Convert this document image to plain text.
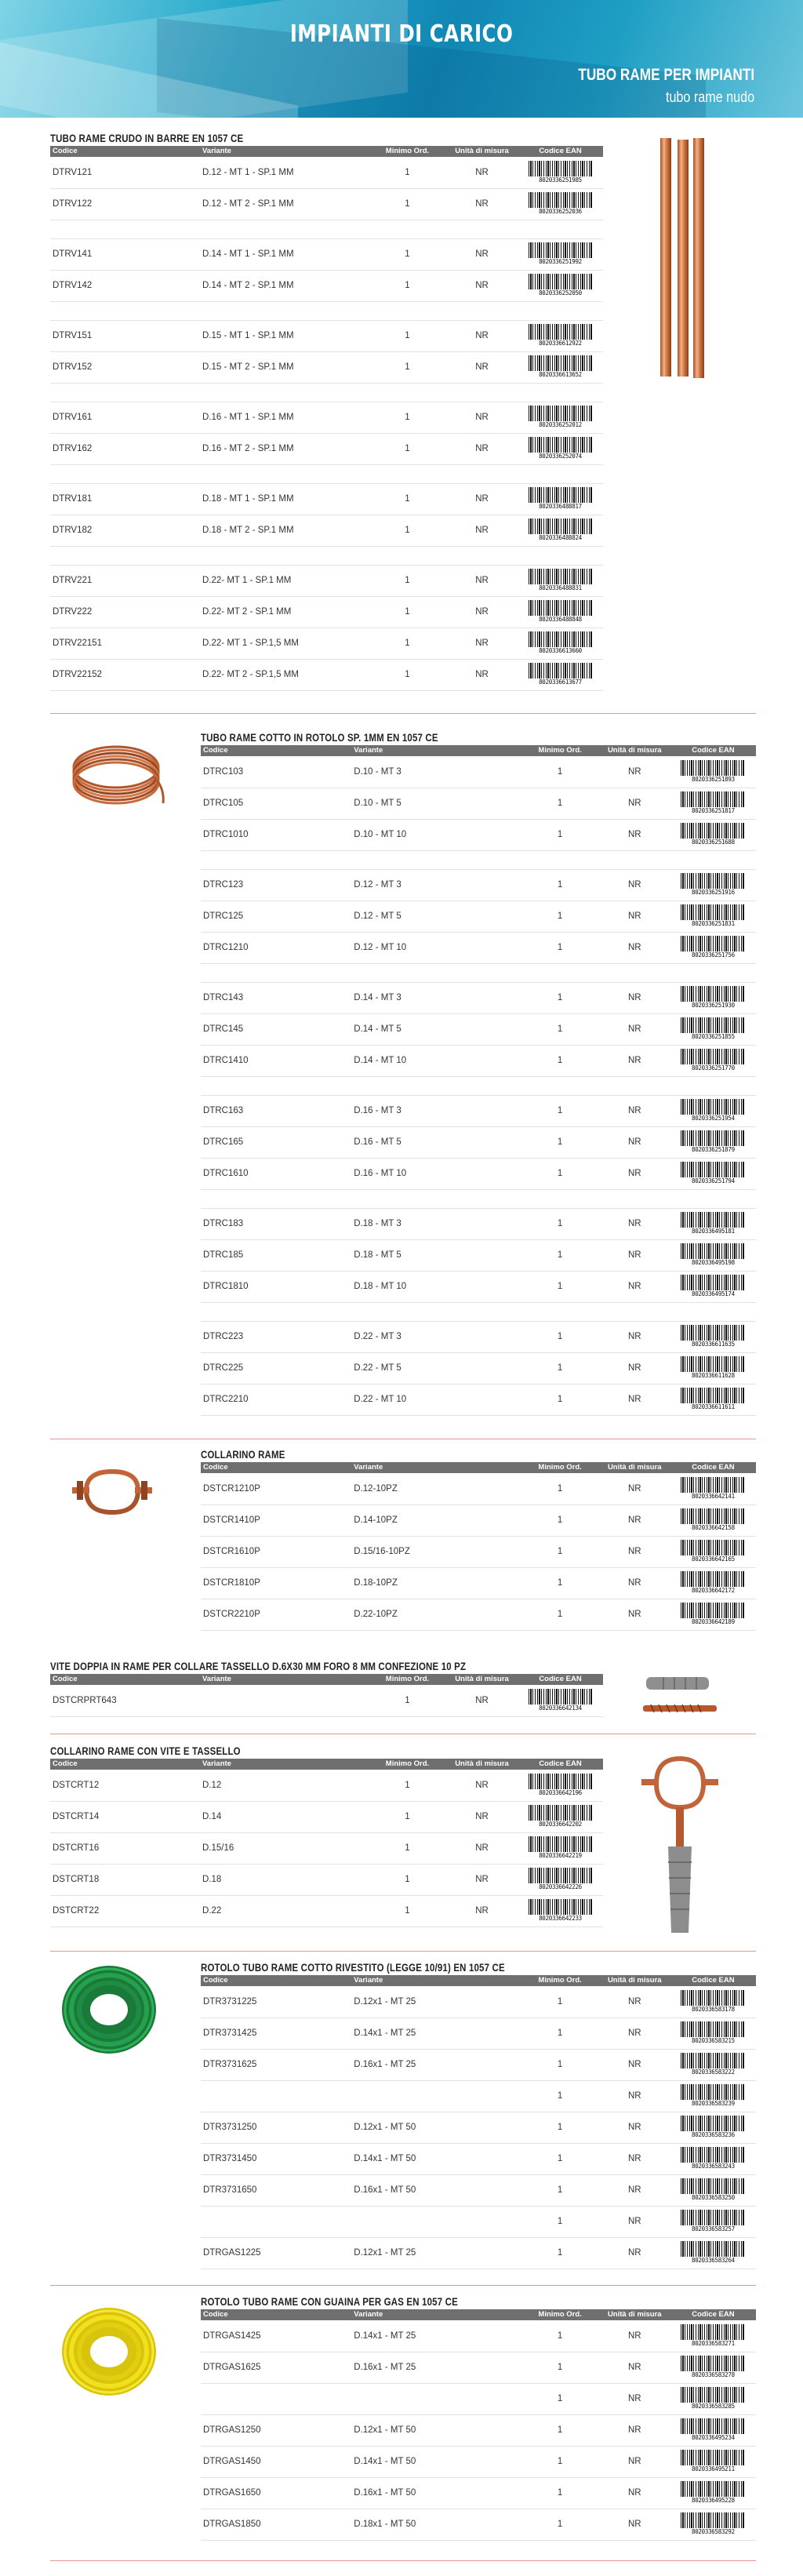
IMPIANTI DI CARICO
TUBO RAME PER IMPIANTI
tubo rame nudo
TUBO RAME CRUDO IN BARRE EN 1057 CE
Codice	Variante	Minimo Ord.	Unità di misura	Codice EAN
DTRV121	D.12 - MT 1 - SP.1 MM	1	NR	8020336251985

DTRV122	D.12 - MT 2 - SP.1 MM	1	NR	8020336252036

DTRV141	D.14 - MT 1 - SP.1 MM	1	NR	8020336251992

DTRV142	D.14 - MT 2 - SP.1 MM	1	NR	8020336252050

DTRV151	D.15 - MT 1 - SP.1 MM	1	NR	8020336612922

DTRV152	D.15 - MT 2 - SP.1 MM	1	NR	8020336613652

DTRV161	D.16 - MT 1 - SP.1 MM	1	NR	8020336252012

DTRV162	D.16 - MT 2 - SP.1 MM	1	NR	8020336252074

DTRV181	D.18 - MT 1 - SP.1 MM	1	NR	8020336488817

DTRV182	D.18 - MT 2 - SP.1 MM	1	NR	8020336488824

DTRV221	D.22- MT 1 - SP.1 MM	1	NR	8020336488831

DTRV222	D.22- MT 2 - SP.1 MM	1	NR	8020336488848

DTRV22151	D.22- MT 1 - SP.1,5 MM	1	NR	8020336613660

DTRV22152	D.22- MT 2 - SP.1,5 MM	1	NR	8020336613677
TUBO RAME COTTO IN ROTOLO SP. 1MM EN 1057 CE
Codice	Variante	Minimo Ord.	Unità di misura	Codice EAN
DTRC103	D.10 - MT 3	1	NR	8020336251893

DTRC105	D.10 - MT 5	1	NR	8020336251817

DTRC1010	D.10 - MT 10	1	NR	8020336251688

DTRC123	D.12 - MT 3	1	NR	8020336251916

DTRC125	D.12 - MT 5	1	NR	8020336251831

DTRC1210	D.12 - MT 10	1	NR	8020336251756

DTRC143	D.14 - MT 3	1	NR	8020336251930

DTRC145	D.14 - MT 5	1	NR	8020336251855

DTRC1410	D.14 - MT 10	1	NR	8020336251770

DTRC163	D.16 - MT 3	1	NR	8020336251954

DTRC165	D.16 - MT 5	1	NR	8020336251879

DTRC1610	D.16 - MT 10	1	NR	8020336251794

DTRC183	D.18 - MT 3	1	NR	8020336495181

DTRC185	D.18 - MT 5	1	NR	8020336495198

DTRC1810	D.18 - MT 10	1	NR	8020336495174

DTRC223	D.22 - MT 3	1	NR	8020336611635

DTRC225	D.22 - MT 5	1	NR	8020336611628

DTRC2210	D.22 - MT 10	1	NR	8020336611611
COLLARINO RAME
Codice	Variante	Minimo Ord.	Unità di misura	Codice EAN
DSTCR1210P	D.12-10PZ	1	NR	8020336642141

DSTCR1410P	D.14-10PZ	1	NR	8020336642158

DSTCR1610P	D.15/16-10PZ	1	NR	8020336642165

DSTCR1810P	D.18-10PZ	1	NR	8020336642172

DSTCR2210P	D.22-10PZ	1	NR	8020336642189
VITE DOPPIA IN RAME PER COLLARE TASSELLO D.6X30 MM FORO 8 MM CONFEZIONE 10 PZ
Codice	Variante	Minimo Ord.	Unità di misura	Codice EAN
DSTCRPRT643		1	NR	8020336642134
COLLARINO RAME CON VITE E TASSELLO
Codice	Variante	Minimo Ord.	Unità di misura	Codice EAN
DSTCRT12	D.12	1	NR	8020336642196

DSTCRT14	D.14	1	NR	8020336642202

DSTCRT16	D.15/16	1	NR	8020336642219

DSTCRT18	D.18	1	NR	8020336642226

DSTCRT22	D.22	1	NR	8020336642233
ROTOLO TUBO RAME COTTO RIVESTITO (LEGGE 10/91) EN 1057 CE
Codice	Variante	Minimo Ord.	Unità di misura	Codice EAN
DTR3731225	D.12x1 - MT 25	1	NR	8020336583178

DTR3731425	D.14x1 - MT 25	1	NR	8020336583215

DTR3731625	D.16x1 - MT 25	1	NR	8020336583222

		1	NR	8020336583239

DTR3731250	D.12x1 - MT 50	1	NR	8020336583236

DTR3731450	D.14x1 - MT 50	1	NR	8020336583243

DTR3731650	D.16x1 - MT 50	1	NR	8020336583250

		1	NR	8020336583257

DTRGAS1225	D.12x1 - MT 25	1	NR	8020336583264
ROTOLO TUBO RAME CON GUAINA PER GAS EN 1057 CE
Codice	Variante	Minimo Ord.	Unità di misura	Codice EAN
DTRGAS1425	D.14x1 - MT 25	1	NR	8020336583271

DTRGAS1625	D.16x1 - MT 25	1	NR	8020336583278

		1	NR	8020336583285

DTRGAS1250	D.12x1 - MT 50	1	NR	8020336495234

DTRGAS1450	D.14x1 - MT 50	1	NR	8020336495211

DTRGAS1650	D.16x1 - MT 50	1	NR	8020336495228

DTRGAS1850	D.18x1 - MT 50	1	NR	8020336583292
